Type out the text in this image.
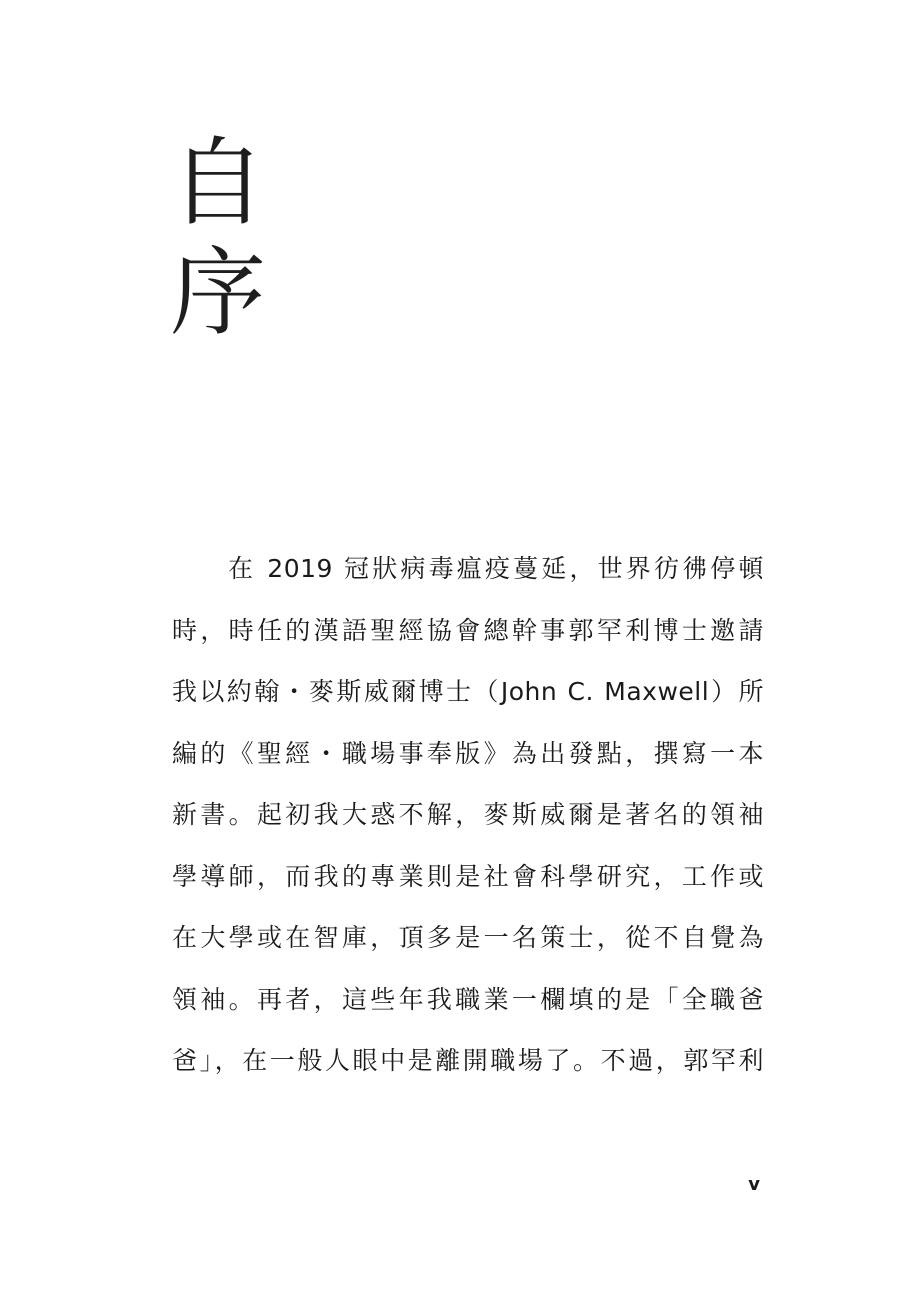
自
序
在 2019 冠狀病毒瘟疫蔓延，世界彷彿停頓
時，時任的漢語聖經協會總幹事郭罕利博士邀請
我以約翰・麥斯威爾博士（John C. Maxwell）所
編的《聖經・職場事奉版》為出發點，撰寫一本
新書。起初我大惑不解，麥斯威爾是著名的領袖
學導師，而我的專業則是社會科學研究，工作或
在大學或在智庫，頂多是一名策士，從不自覺為
領袖。再者，這些年我職業一欄填的是「全職爸
爸」，在一般人眼中是離開職場了。不過，郭罕利
v
